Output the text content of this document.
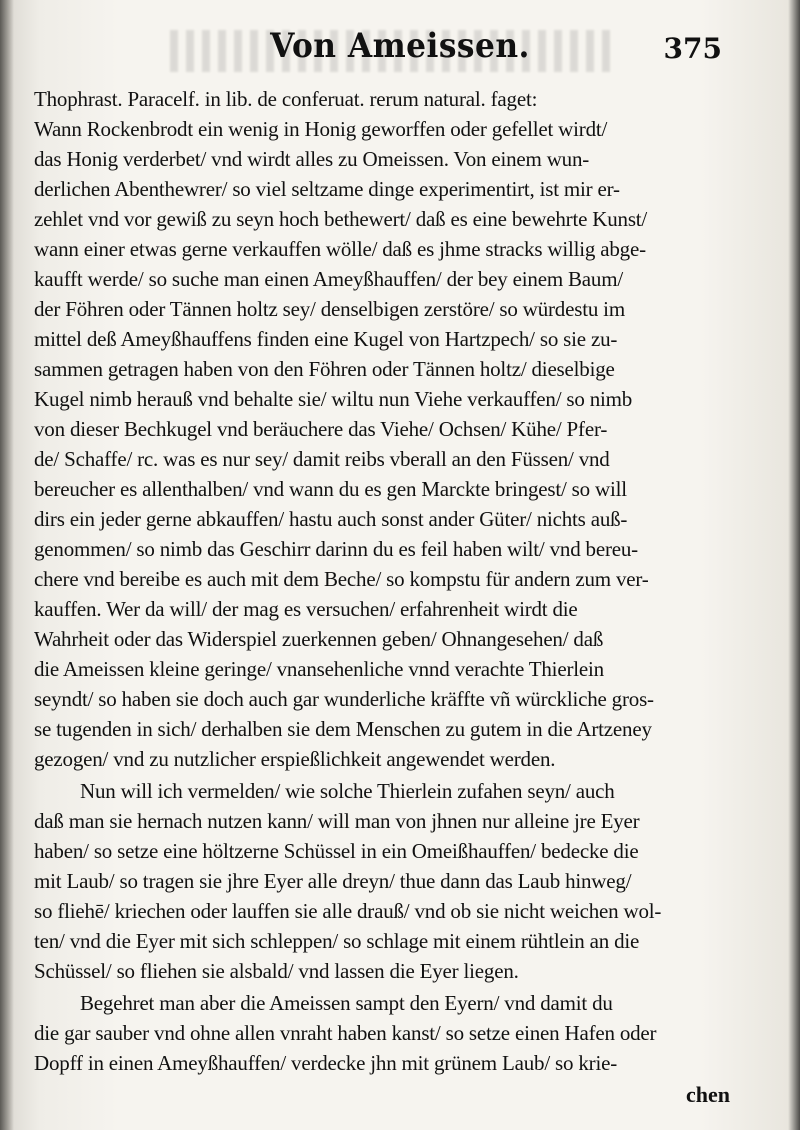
Von Ameissen.	375
Thophrast. Paracelf. in lib. de conferuat. rerum natural. faget:
Wann Rockenbrodt ein wenig in Honig geworffen oder gefellet wirdt/
das Honig verderbet/ vnd wirdt alles zu Omeissen. Von einem wun-
derlichen Abenthewrer/ so viel seltzame dinge experimentirt, ist mir er-
zehlet vnd vor gewiß zu seyn hoch bethewert/ daß es eine bewehrte Kunst/
wann einer etwas gerne verkauffen wölle/ daß es jhme stracks willig abge-
kaufft werde/ so suche man einen Ameyßhauffen/ der bey einem Baum/
der Föhren oder Tännen holtz sey/ denselbigen zerstöre/ so würdestu im
mittel deß Ameyßhauffens finden eine Kugel von Hartzpech/ so sie zu-
sammen getragen haben von den Föhren oder Tännen holtz/ dieselbige
Kugel nimb herauß vnd behalte sie/ wiltu nun Viehe verkauffen/ so nimb
von dieser Bechkugel vnd beräuchere das Viehe/ Ochsen/ Kühe/ Pfer-
de/ Schaffe/ rc. was es nur sey/ damit reibs vberall an den Füssen/ vnd
bereucher es allenthalben/ vnd wann du es gen Marckte bringest/ so will
dirs ein jeder gerne abkauffen/ hastu auch sonst ander Güter/ nichts auß-
genommen/ so nimb das Geschirr darinn du es feil haben wilt/ vnd bereu-
chere vnd bereibe es auch mit dem Beche/ so kompstu für andern zum ver-
kauffen. Wer da will/ der mag es versuchen/ erfahrenheit wirdt die
Wahrheit oder das Widerspiel zuerkennen geben/ Ohnangesehen/ daß
die Ameissen kleine geringe/ vnansehenliche vnnd verachte Thierlein
seyndt/ so haben sie doch auch gar wunderliche kräffte vñ würckliche gros-
se tugenden in sich/ derhalben sie dem Menschen zu gutem in die Artzeney
gezogen/ vnd zu nutzlicher erspießlichkeit angewendet werden.
Nun will ich vermelden/ wie solche Thierlein zufahen seyn/ auch
daß man sie hernach nutzen kann/ will man von jhnen nur alleine jre Eyer
haben/ so setze eine höltzerne Schüssel in ein Omeißhauffen/ bedecke die
mit Laub/ so tragen sie jhre Eyer alle dreyn/ thue dann das Laub hinweg/
so fliehē/ kriechen oder lauffen sie alle drauß/ vnd ob sie nicht weichen wol-
ten/ vnd die Eyer mit sich schleppen/ so schlage mit einem rühtlein an die
Schüssel/ so fliehen sie alsbald/ vnd lassen die Eyer liegen.
Begehret man aber die Ameissen sampt den Eyern/ vnd damit du
die gar sauber vnd ohne allen vnraht haben kanst/ so setze einen Hafen oder
Dopff in einen Ameyßhauffen/ verdecke jhn mit grünem Laub/ so krie-
chen
